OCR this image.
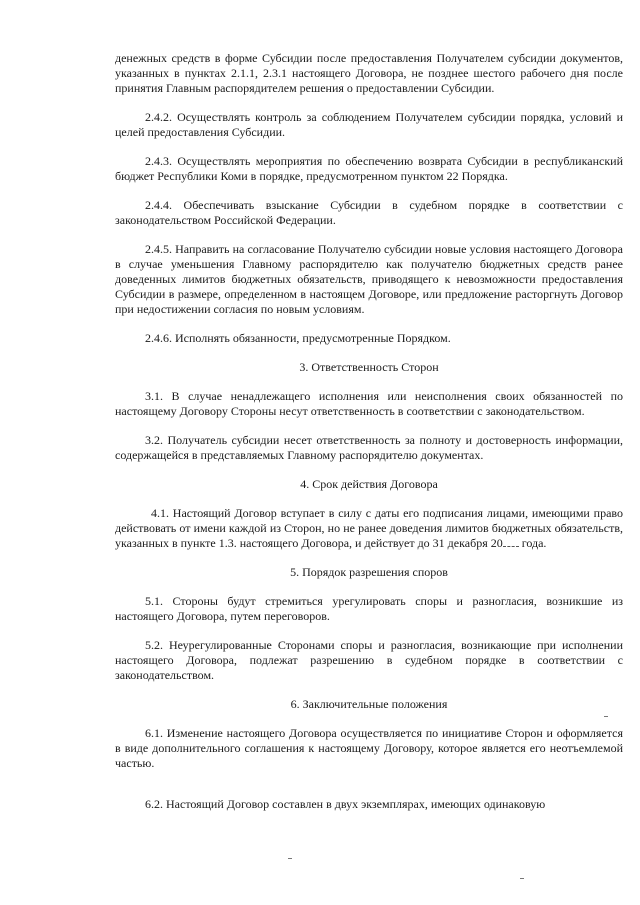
денежных средств в форме Субсидии после предоставления Получателем субсидии документов, указанных в пунктах 2.1.1, 2.3.1 настоящего Договора, не позднее шестого рабочего дня после принятия Главным распорядителем решения о предоставлении Субсидии.

2.4.2. Осуществлять контроль за соблюдением Получателем субсидии порядка, условий и целей предоставления Субсидии.

2.4.3. Осуществлять мероприятия по обеспечению возврата Субсидии в республиканский бюджет Республики Коми в порядке, предусмотренном пунктом 22 Порядка.

2.4.4. Обеспечивать взыскание Субсидии в судебном порядке в соответствии с законодательством Российской Федерации.

2.4.5. Направить на согласование Получателю субсидии новые условия настоящего Договора в случае уменьшения Главному распорядителю как получателю бюджетных средств ранее доведенных лимитов бюджетных обязательств, приводящего к невозможности предоставления Субсидии в размере, определенном в настоящем Договоре, или предложение расторгнуть Договор при недостижении согласия по новым условиям.

2.4.6. Исполнять обязанности, предусмотренные Порядком.

3. Ответственность Сторон

3.1. В случае ненадлежащего исполнения или неисполнения своих обязанностей по настоящему Договору Стороны несут ответственность в соответствии с законодательством.

3.2. Получатель субсидии несет ответственность за полноту и достоверность информации, содержащейся в представляемых Главному распорядителю документах.

4. Срок действия Договора

4.1. Настоящий Договор вступает в силу с даты его подписания лицами, имеющими право действовать от имени каждой из Сторон, но не ранее доведения лимитов бюджетных обязательств, указанных в пункте 1.3. настоящего Договора, и действует до 31 декабря 20 года.

5. Порядок разрешения споров

5.1. Стороны будут стремиться урегулировать споры и разногласия, возникшие из настоящего Договора, путем переговоров.

5.2. Неурегулированные Сторонами споры и разногласия, возникающие при исполнении настоящего Договора, подлежат разрешению в судебном порядке в соответствии с законодательством.

6. Заключительные положения

6.1. Изменение настоящего Договора осуществляется по инициативе Сторон и оформляется в виде дополнительного соглашения к настоящему Договору, которое является его неотъемлемой частью.

6.2. Настоящий Договор составлен в двух экземплярах, имеющих одинаковую
